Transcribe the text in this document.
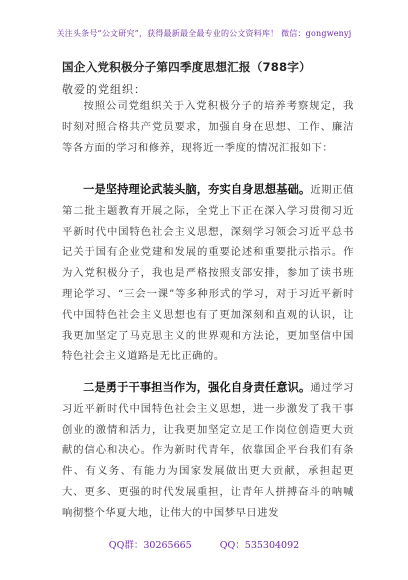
关注头条号“公文研究”，获得最新最全最专业的公文资料库！ 微信：gongwenyj
国企入党积极分子第四季度思想汇报（788字）
敬爱的党组织：
按照公司党组织关于入党积极分子的培养考察规定，我时刻对照合格共产党员要求，加强自身在思想、工作、廉洁等各方面的学习和修养，现将近一季度的情况汇报如下：
一是坚持理论武装头脑，夯实自身思想基础。近期正值第二批主题教育开展之际，全党上下正在深入学习贯彻习近平新时代中国特色社会主义思想，深刻学习领会习近平总书记关于国有企业党建和发展的重要论述和重要批示指示。作为入党积极分子，我也是严格按照支部安排，参加了读书班理论学习、“三会一课”等多种形式的学习，对于习近平新时代中国特色社会主义思想也有了更加深刻和直观的认识，让我更加坚定了马克思主义的世界观和方法论，更加坚信中国特色社会主义道路是无比正确的。
二是勇于干事担当作为，强化自身责任意识。通过学习习近平新时代中国特色社会主义思想，进一步激发了我干事创业的激情和活力，让我更加坚定立足工作岗位创造更大贡献的信心和决心。作为新时代青年，依靠国企平台我们有条件、有义务、有能力为国家发展做出更大贡献，承担起更大、更多、更强的时代发展重担，让青年人拼搏奋斗的呐喊响彻整个华夏大地，让伟大的中国梦早日进发
QQ群：30265665	QQ：535304092
